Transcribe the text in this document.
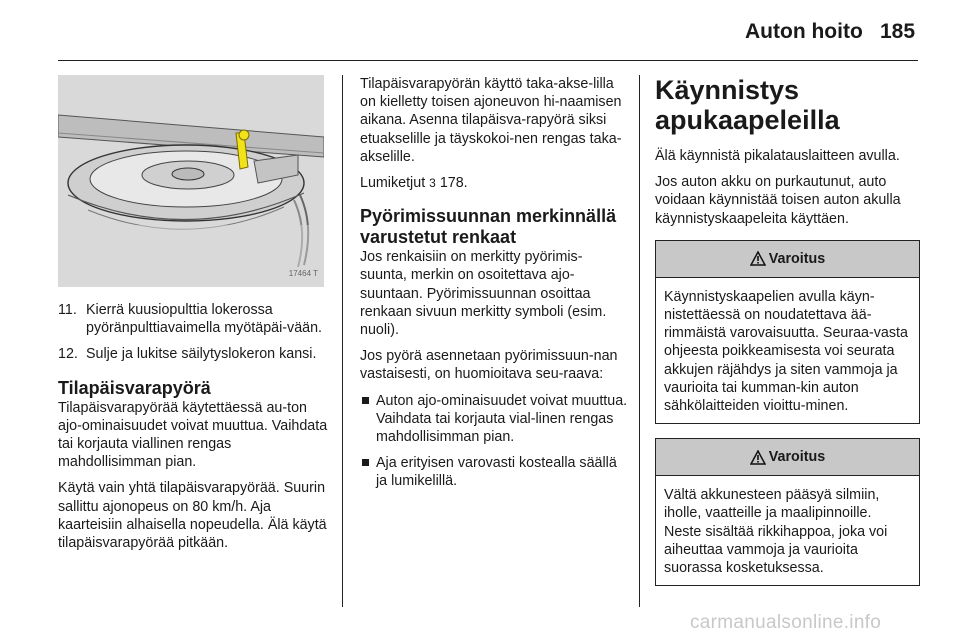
Auton hoito 185
17464 T
11. Kierrä kuusiopulttia lokerossa pyöränpulttiavaimella myötäpäi-vään.
12. Sulje ja lukitse säilytyslokeron kansi.
Tilapäisvarapyörä

Tilapäisvarapyörää käytettäessä au-ton ajo-ominaisuudet voivat muuttua. Vaihdata tai korjauta viallinen rengas mahdollisimman pian.

Käytä vain yhtä tilapäisvarapyörää. Suurin sallittu ajonopeus on 80 km/h. Aja kaarteisiin alhaisella nopeudella. Älä käytä tilapäisvarapyörää pitkään.

Tilapäisvarapyörän käyttö taka-akse-lilla on kielletty toisen ajoneuvon hi-naamisen aikana. Asenna tilapäisva-rapyörä siksi etuakselille ja täyskokoi-nen rengas taka-akselille.

Lumiketjut 3 178.

Pyörimissuunnan merkinnällä varustetut renkaat

Jos renkaisiin on merkitty pyörimis-suunta, merkin on osoitettava ajo-suuntaan. Pyörimissuunnan osoittaa renkaan sivuun merkitty symboli (esim. nuoli).

Jos pyörä asennetaan pyörimissuun-nan vastaisesti, on huomioitava seu-raava:

Auton ajo-ominaisuudet voivat muuttua. Vaihdata tai korjauta vial-linen rengas mahdollisimman pian.
Aja erityisen varovasti kostealla säällä ja lumikelillä.
Käynnistys apukaapeleilla

Älä käynnistä pikalatauslaitteen avulla.

Jos auton akku on purkautunut, auto voidaan käynnistää toisen auton akulla käynnistyskaapeleita käyttäen.

Varoitus
Käynnistyskaapelien avulla käyn-nistettäessä on noudatettava ää-rimmäistä varovaisuutta. Seuraa-vasta ohjeesta poikkeamisesta voi seurata akkujen räjähdys ja siten vammoja ja vaurioita tai kumman-kin auton sähkölaitteiden vioittu-minen.
Varoitus
Vältä akkunesteen pääsyä silmiin, iholle, vaatteille ja maalipinnoille. Neste sisältää rikkihappoa, joka voi aiheuttaa vammoja ja vaurioita suorassa kosketuksessa.
carmanualsonline.info
